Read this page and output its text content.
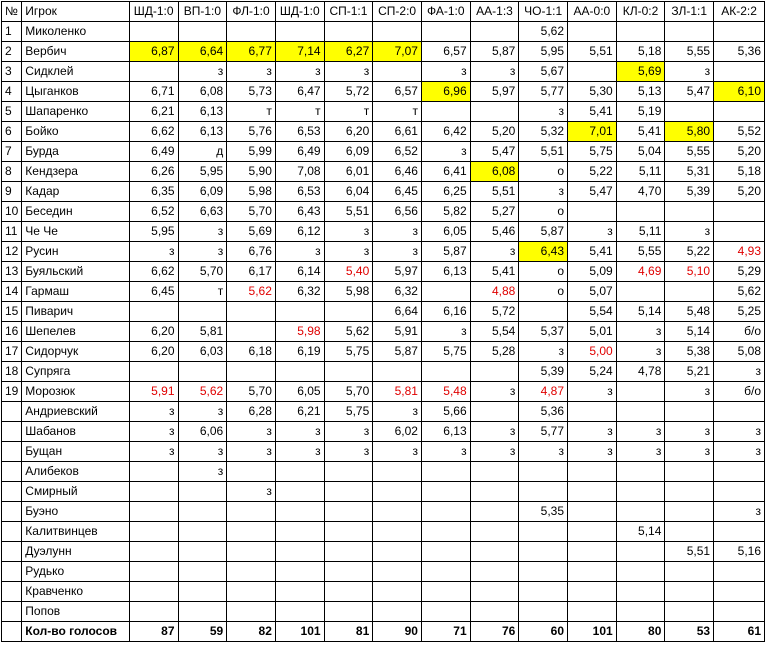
№	Игрок	ШД-1:0	ВП-1:0	ФЛ-1:0	ШД-1:0	СП-1:1	СП-2:0	ФА-1:0	АА-1:3	ЧО-1:1	АА-0:0	КЛ-0:2	ЗЛ-1:1	АК-2:2
1	Миколенко									5,62				
2	Вербич	6,87	6,64	6,77	7,14	6,27	7,07	6,57	5,87	5,95	5,51	5,18	5,55	5,36
3	Сидклей		з	з	з	з		з	з	5,67		5,69	з	
4	Цыганков	6,71	6,08	5,73	6,47	5,72	6,57	6,96	5,97	5,77	5,30	5,13	5,47	6,10
5	Шапаренко	6,21	6,13	т	т	т	т			з	5,41	5,19		
6	Бойко	6,62	6,13	5,76	6,53	6,20	6,61	6,42	5,20	5,32	7,01	5,41	5,80	5,52
7	Бурда	6,49	д	5,99	6,49	6,09	6,52	з	5,47	5,51	5,75	5,04	5,55	5,20
8	Кендзера	6,26	5,95	5,90	7,08	6,01	6,46	6,41	6,08	о	5,22	5,11	5,31	5,18
9	Кадар	6,35	6,09	5,98	6,53	6,04	6,45	6,25	5,51	з	5,47	4,70	5,39	5,20
10	Беседин	6,52	6,63	5,70	6,43	5,51	6,56	5,82	5,27	о				
11	Че Че	5,95	з	5,69	6,12	з	з	6,05	5,46	5,87	з	5,11	з	
12	Русин	з	з	6,76	з	з	з	5,87	з	6,43	5,41	5,55	5,22	4,93
13	Буяльский	6,62	5,70	6,17	6,14	5,40	5,97	6,13	5,41	о	5,09	4,69	5,10	5,29
14	Гармаш	6,45	т	5,62	6,32	5,98	6,32		4,88	о	5,07			5,62
15	Пиварич						6,64	6,16	5,72		5,54	5,14	5,48	5,25
16	Шепелев	6,20	5,81		5,98	5,62	5,91	з	5,54	5,37	5,01	з	5,14	б/о
17	Сидорчук	6,20	6,03	6,18	6,19	5,75	5,87	5,75	5,28	з	5,00	з	5,38	5,08
18	Супряга									5,39	5,24	4,78	5,21	з
19	Морозюк	5,91	5,62	5,70	6,05	5,70	5,81	5,48	з	4,87	з		з	б/о
	Андриевский	з	з	6,28	6,21	5,75	з	5,66		5,36				
	Шабанов	з	6,06	з	з	з	6,02	6,13	з	5,77	з	з	з	з
	Бущан	з	з	з	з	з	з	з	з	з	з	з	з	з
	Алибеков		з											
	Смирный			з										
	Буэно									5,35				з
	Калитвинцев											5,14		
	Дуэлунн												5,51	5,16
	Рудько													
	Кравченко													
	Попов													
	Кол-во голосов	87	59	82	101	81	90	71	76	60	101	80	53	61
